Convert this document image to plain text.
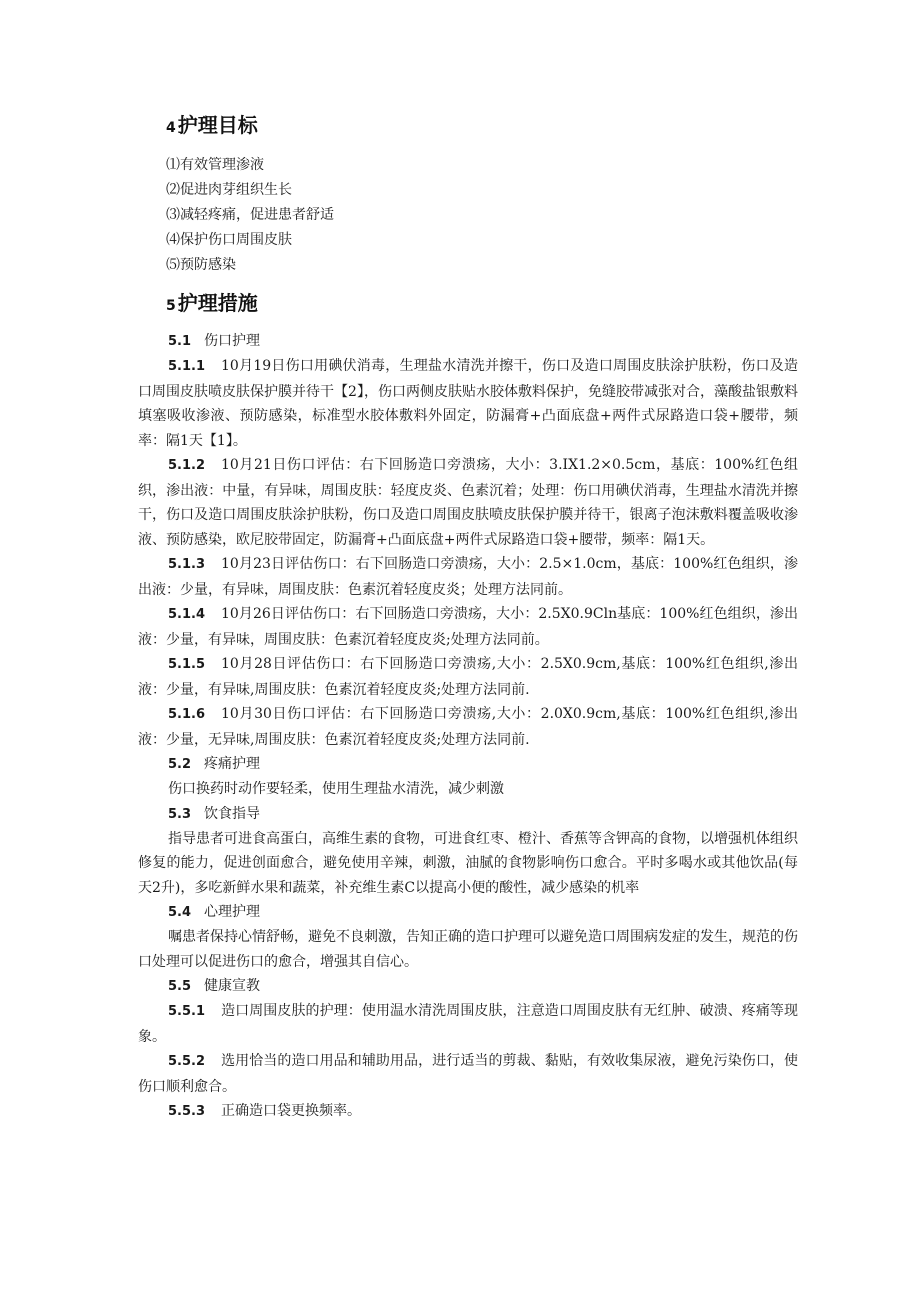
4 护理目标
⑴有效管理渗液
⑵促进肉芽组织生长
⑶减轻疼痛，促进患者舒适
⑷保护伤口周围皮肤
⑸预防感染
5 护理措施

5.1 伤口护理

5.1.1 10月19日伤口用碘伏消毒，生理盐水清洗并擦干，伤口及造口周围皮肤涂护肤粉，伤口及造口周围皮肤喷皮肤保护膜并待干【2】，伤口两侧皮肤贴水胶体敷料保护，免缝胶带减张对合，藻酸盐银敷料填塞吸收渗液、预防感染，标准型水胶体敷料外固定，防漏膏+凸面底盘+两件式尿路造口袋+腰带，频率：隔1天【1】。

5.1.2 10月21日伤口评估：右下回肠造口旁溃疡，大小：3.IX1.2×0.5cm，基底：100%红色组织，渗出液：中量，有异味，周围皮肤：轻度皮炎、色素沉着；处理：伤口用碘伏消毒，生理盐水清洗并擦干，伤口及造口周围皮肤涂护肤粉，伤口及造口周围皮肤喷皮肤保护膜并待干，银离子泡沫敷料覆盖吸收渗液、预防感染，欧尼胶带固定，防漏膏+凸面底盘+两件式尿路造口袋+腰带，频率：隔1天。

5.1.3 10月23日评估伤口：右下回肠造口旁溃疡，大小：2.5×1.0cm，基底：100%红色组织，渗出液：少量，有异味，周围皮肤：色素沉着轻度皮炎；处理方法同前。

5.1.4 10月26日评估伤口：右下回肠造口旁溃疡，大小：2.5X0.9Cln基底：100%红色组织，渗出液：少量，有异味，周围皮肤：色素沉着轻度皮炎;处理方法同前。

5.1.5 10月28日评估伤口：右下回肠造口旁溃疡,大小：2.5X0.9cm,基底：100%红色组织,渗出液：少量，有异味,周围皮肤：色素沉着轻度皮炎;处理方法同前.

5.1.6 10月30日伤口评估：右下回肠造口旁溃疡,大小：2.0X0.9cm,基底：100%红色组织,渗出液：少量，无异味,周围皮肤：色素沉着轻度皮炎;处理方法同前.

5.2 疼痛护理

伤口换药时动作要轻柔，使用生理盐水清洗，减少刺激

5.3 饮食指导

指导患者可进食高蛋白，高维生素的食物，可进食红枣、橙汁、香蕉等含钾高的食物，以增强机体组织修复的能力，促进创面愈合，避免使用辛辣，刺激，油腻的食物影响伤口愈合。平时多喝水或其他饮品(每天2升)，多吃新鲜水果和蔬菜，补充维生素C以提高小便的酸性，减少感染的机率

5.4 心理护理

嘱患者保持心情舒畅，避免不良刺激，告知正确的造口护理可以避免造口周围病发症的发生，规范的伤口处理可以促进伤口的愈合，增强其自信心。

5.5 健康宣教

5.5.1 造口周围皮肤的护理：使用温水清洗周围皮肤，注意造口周围皮肤有无红肿、破溃、疼痛等现象。

5.5.2 选用恰当的造口用品和辅助用品，进行适当的剪裁、黏贴，有效收集尿液，避免污染伤口，使伤口顺利愈合。

5.5.3 正确造口袋更换频率。
